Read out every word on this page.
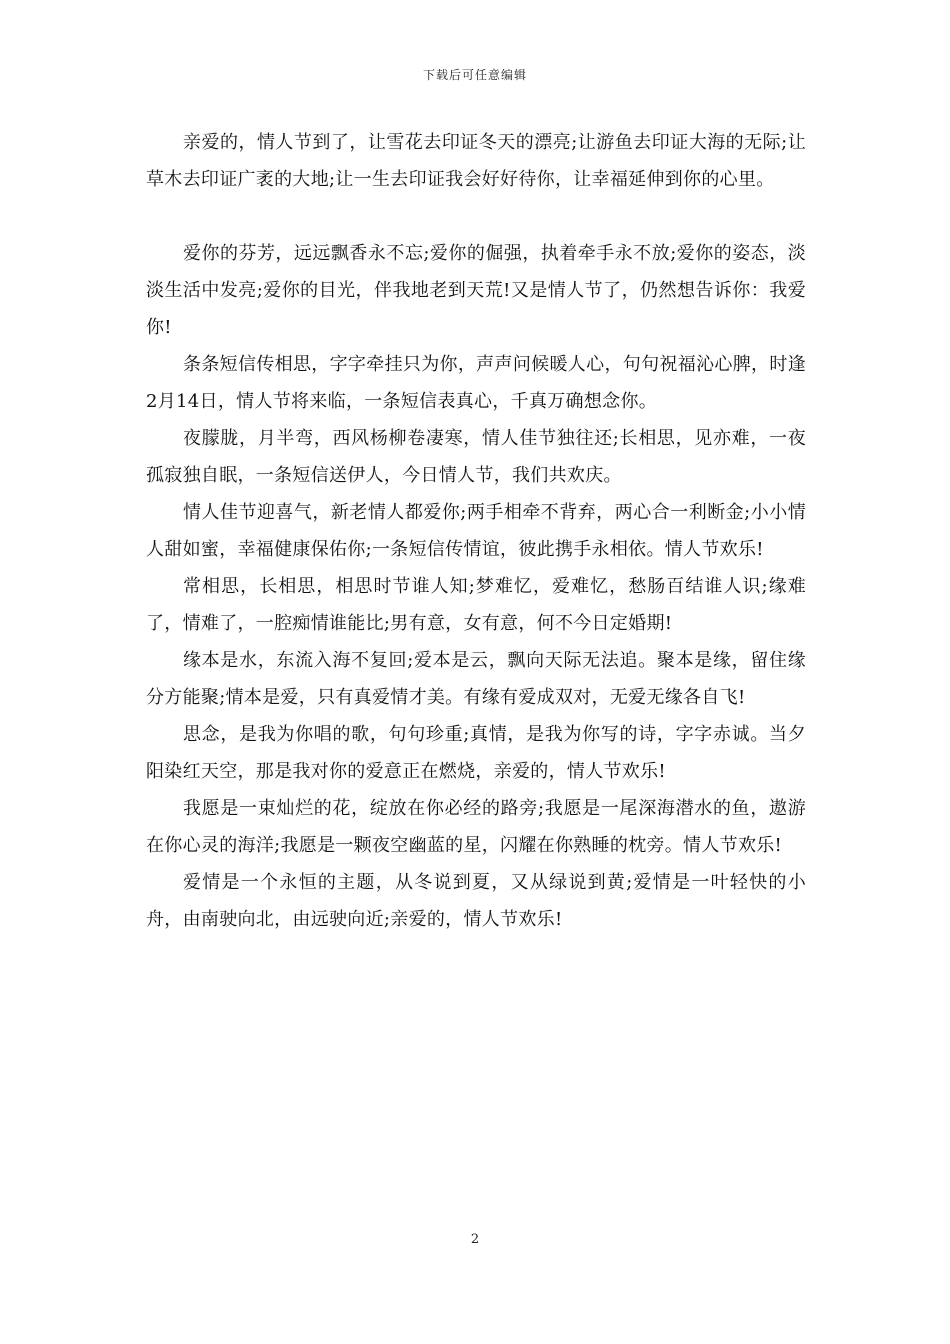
下载后可任意编辑

亲爱的，情人节到了，让雪花去印证冬天的漂亮;让游鱼去印证大海的无际;让草木去印证广袤的大地;让一生去印证我会好好待你，让幸福延伸到你的心里。

爱你的芬芳，远远飘香永不忘;爱你的倔强，执着牵手永不放;爱你的姿态，淡淡生活中发亮;爱你的目光，伴我地老到天荒!又是情人节了，仍然想告诉你：我爱你!

条条短信传相思，字字牵挂只为你，声声问候暖人心，句句祝福沁心脾，时逢2月14日，情人节将来临，一条短信表真心，千真万确想念你。

夜朦胧，月半弯，西风杨柳卷凄寒，情人佳节独往还;长相思，见亦难，一夜孤寂独自眠，一条短信送伊人，今日情人节，我们共欢庆。

情人佳节迎喜气，新老情人都爱你;两手相牵不背弃，两心合一利断金;小小情人甜如蜜，幸福健康保佑你;一条短信传情谊，彼此携手永相依。情人节欢乐!

常相思，长相思，相思时节谁人知;梦难忆，爱难忆，愁肠百结谁人识;缘难了，情难了，一腔痴情谁能比;男有意，女有意，何不今日定婚期!

缘本是水，东流入海不复回;爱本是云，飘向天际无法追。聚本是缘，留住缘分方能聚;情本是爱，只有真爱情才美。有缘有爱成双对，无爱无缘各自飞!

思念，是我为你唱的歌，句句珍重;真情，是我为你写的诗，字字赤诚。当夕阳染红天空，那是我对你的爱意正在燃烧，亲爱的，情人节欢乐!

我愿是一束灿烂的花，绽放在你必经的路旁;我愿是一尾深海潜水的鱼，遨游在你心灵的海洋;我愿是一颗夜空幽蓝的星，闪耀在你熟睡的枕旁。情人节欢乐!

爱情是一个永恒的主题，从冬说到夏，又从绿说到黄;爱情是一叶轻快的小舟，由南驶向北，由远驶向近;亲爱的，情人节欢乐!

2
